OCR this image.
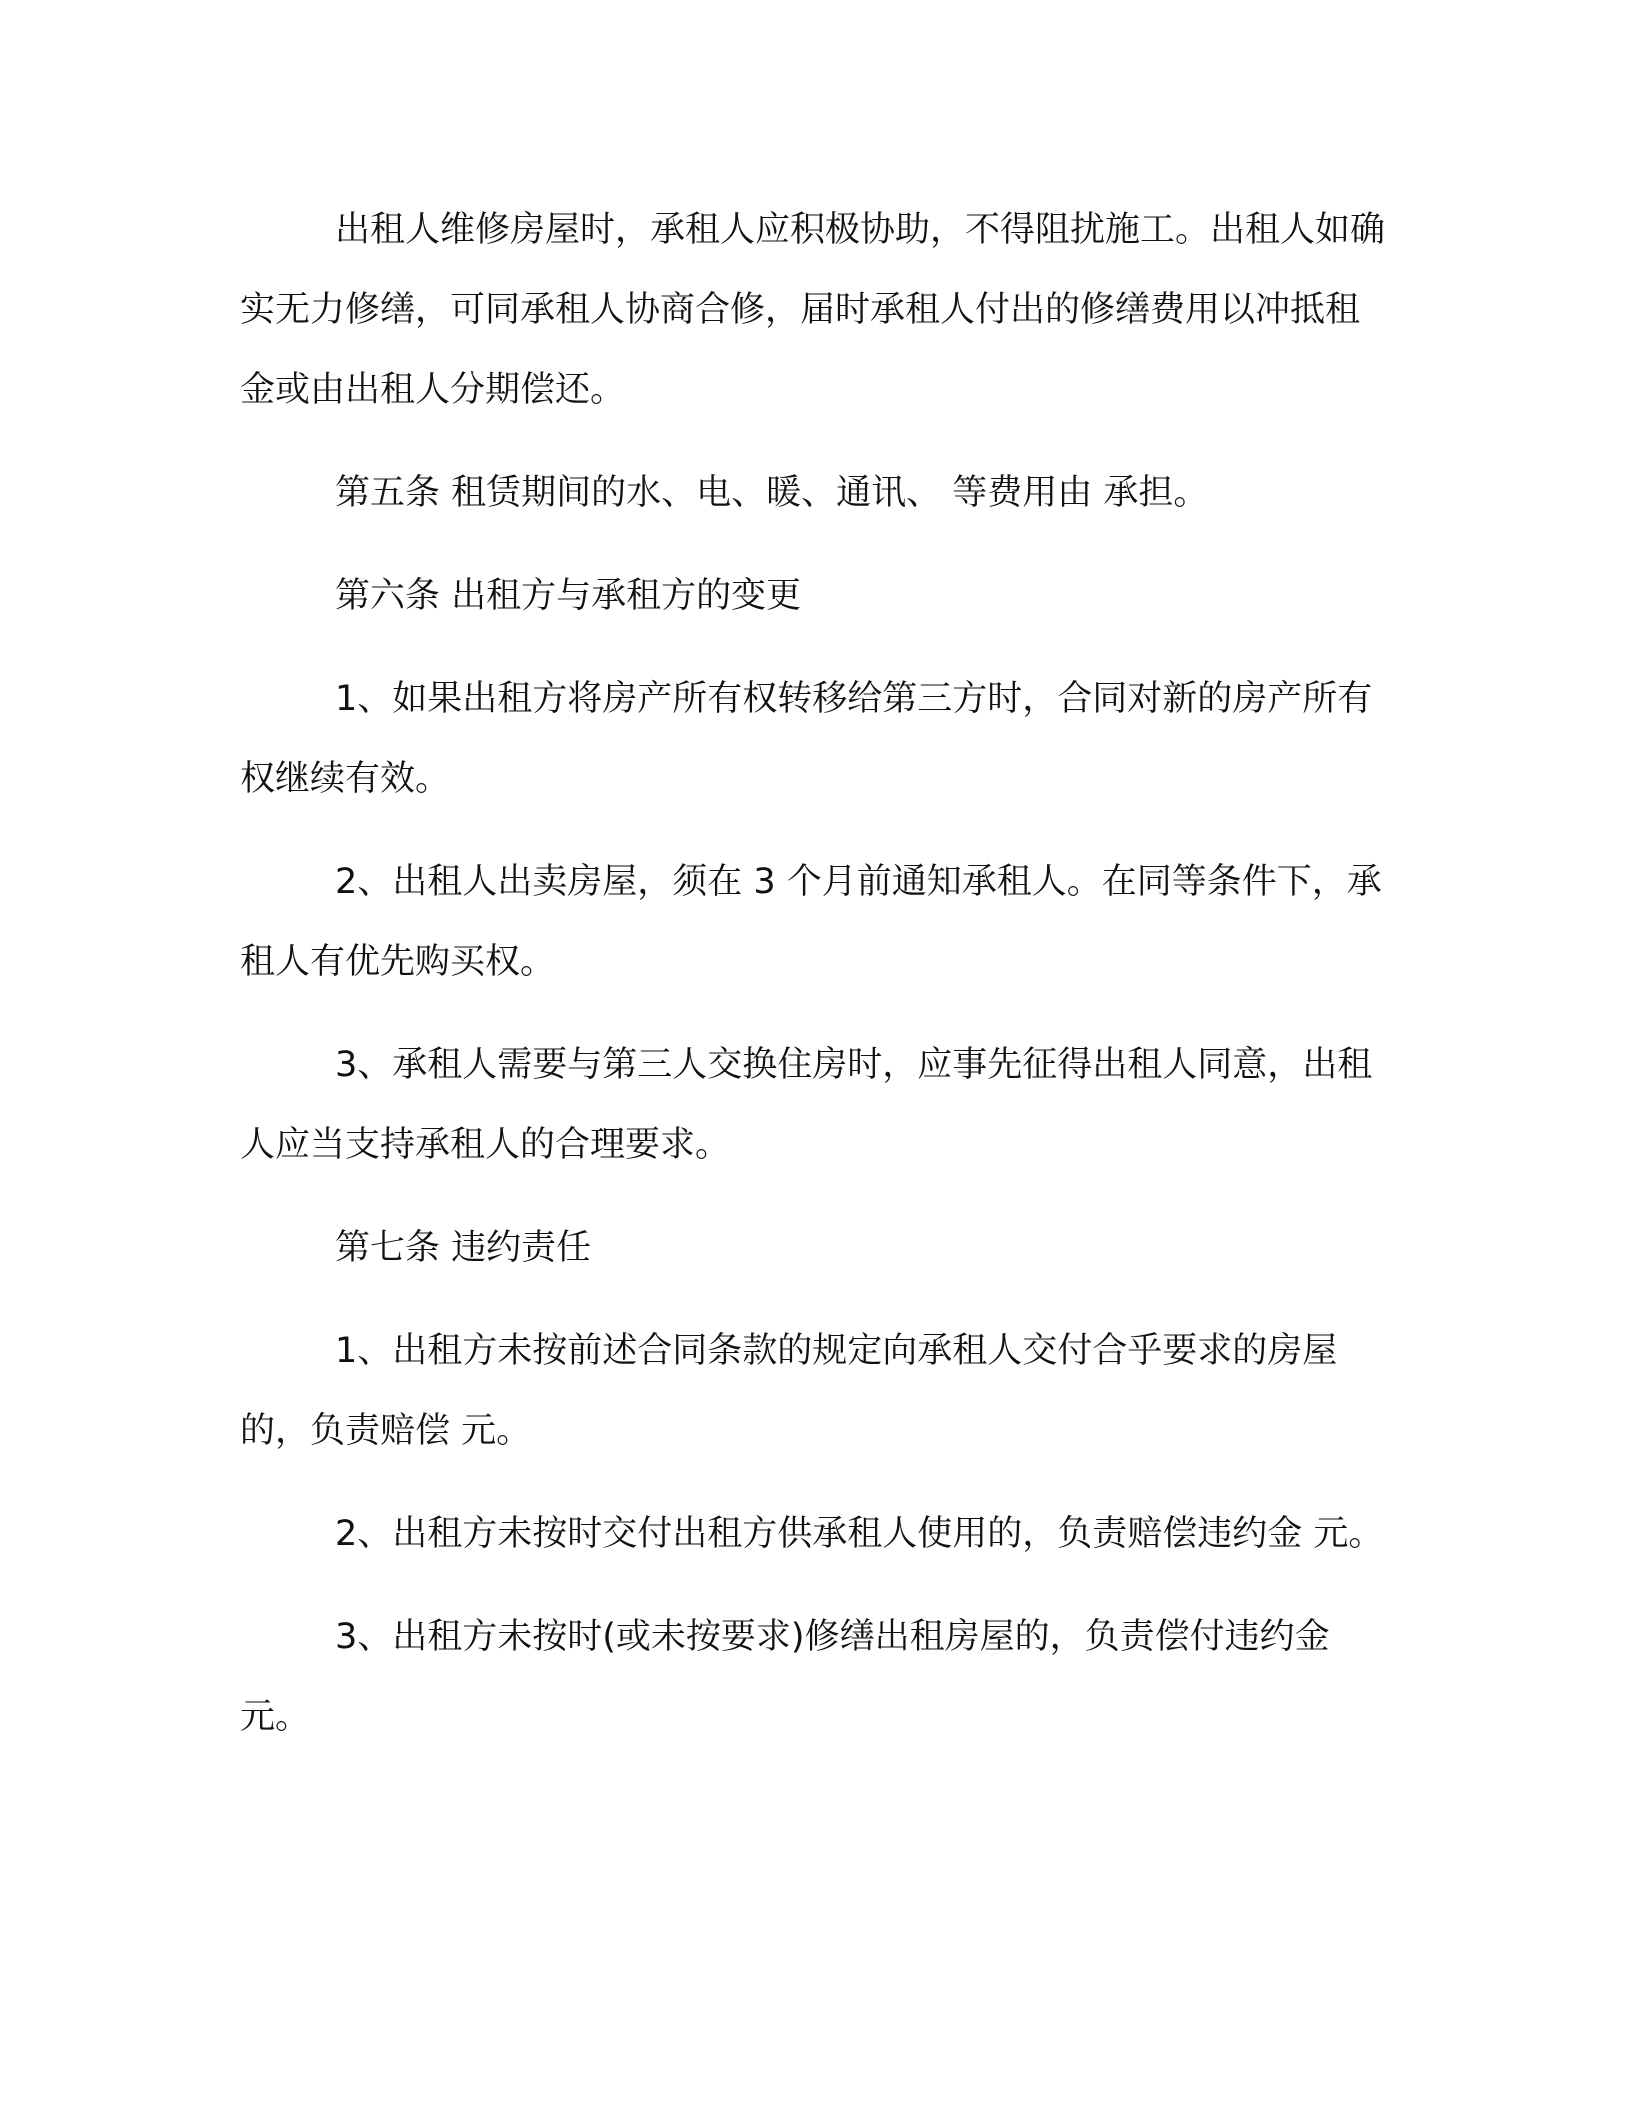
出租人维修房屋时，承租人应积极协助，不得阻扰施工。出租人如确实无力修缮，可同承租人协商合修，届时承租人付出的修缮费用以冲抵租金或由出租人分期偿还。

第五条 租赁期间的水、电、暖、通讯、 等费用由 承担。

第六条 出租方与承租方的变更

1、如果出租方将房产所有权转移给第三方时，合同对新的房产所有权继续有效。

2、出租人出卖房屋，须在 3 个月前通知承租人。在同等条件下，承租人有优先购买权。

3、承租人需要与第三人交换住房时，应事先征得出租人同意，出租人应当支持承租人的合理要求。

第七条 违约责任

1、出租方未按前述合同条款的规定向承租人交付合乎要求的房屋的，负责赔偿 元。

2、出租方未按时交付出租方供承租人使用的，负责赔偿违约金 元。

3、出租方未按时(或未按要求)修缮出租房屋的，负责偿付违约金 元。
